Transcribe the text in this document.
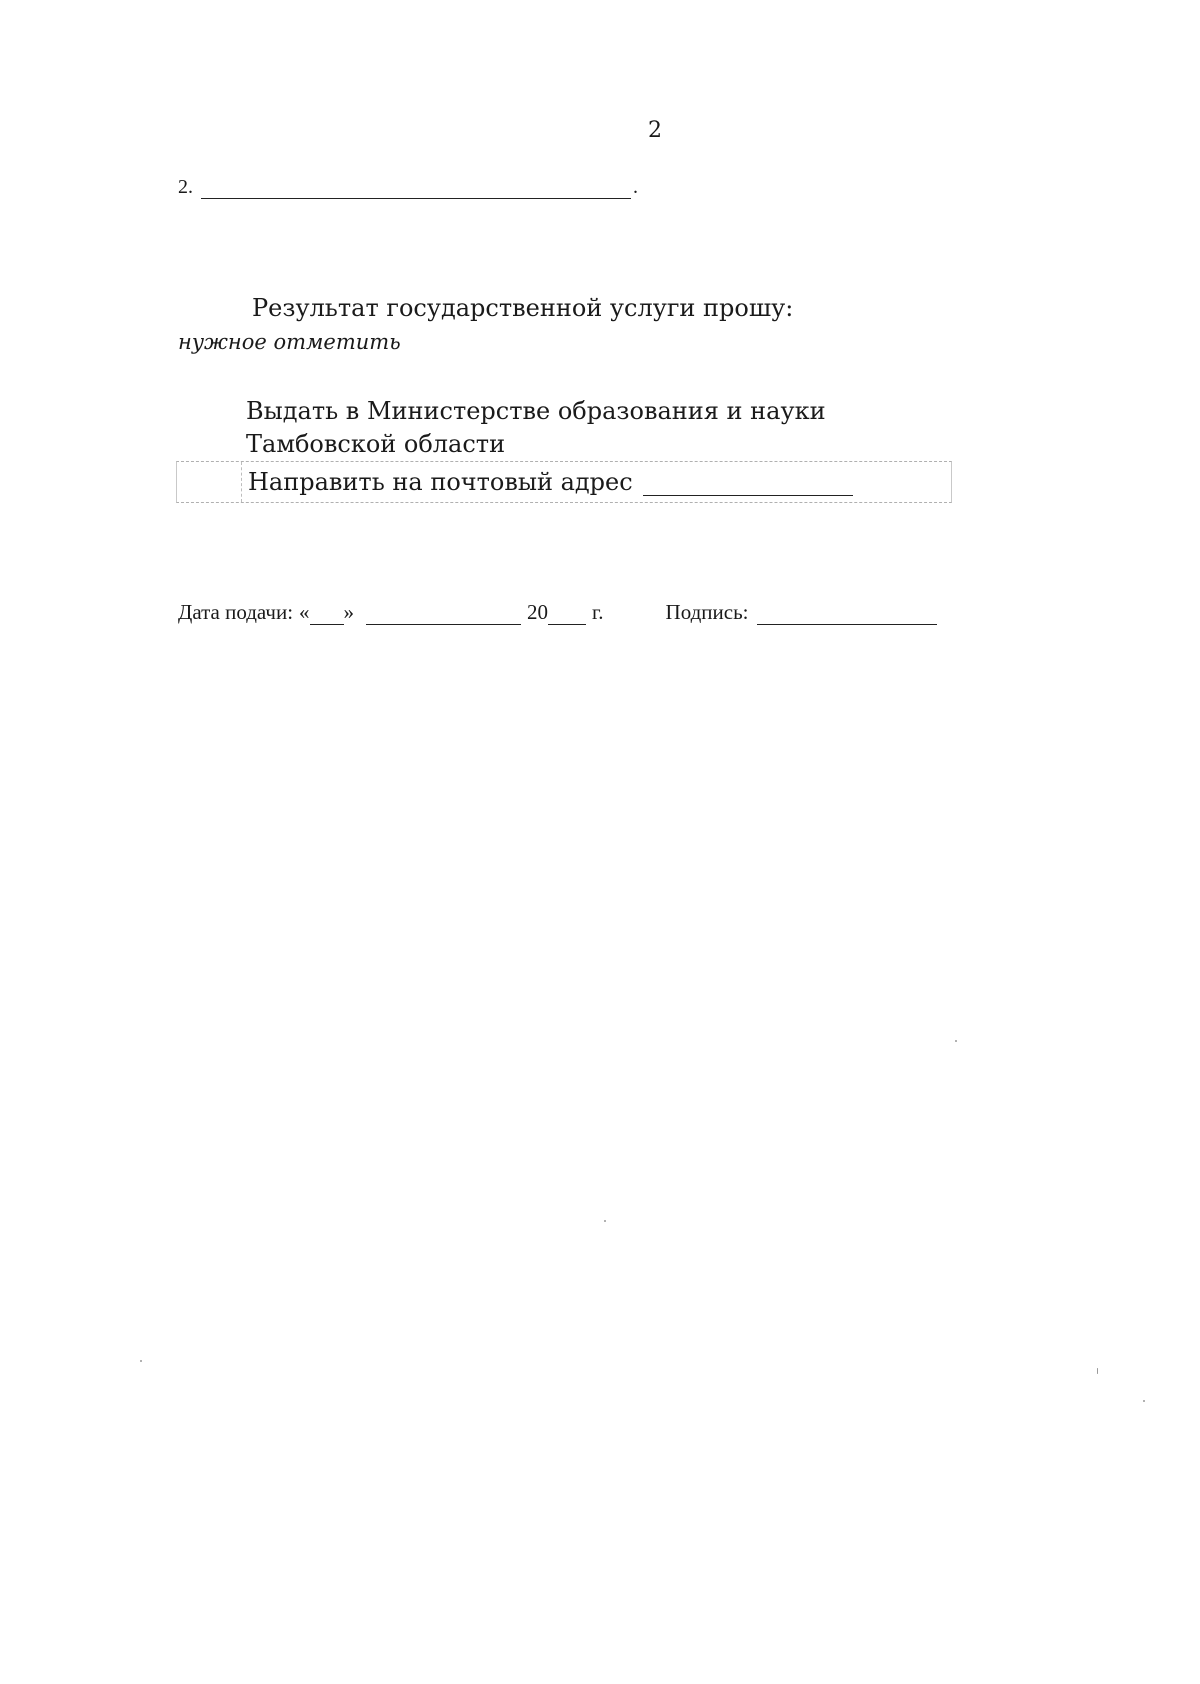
2
2.	.
Результат государственной услуги прошу:
нужное отметить
Выдать в Министерстве образования и науки Тамбовской области
Направить на почтовый адрес
Дата подачи: « »	20 г.	Подпись:
